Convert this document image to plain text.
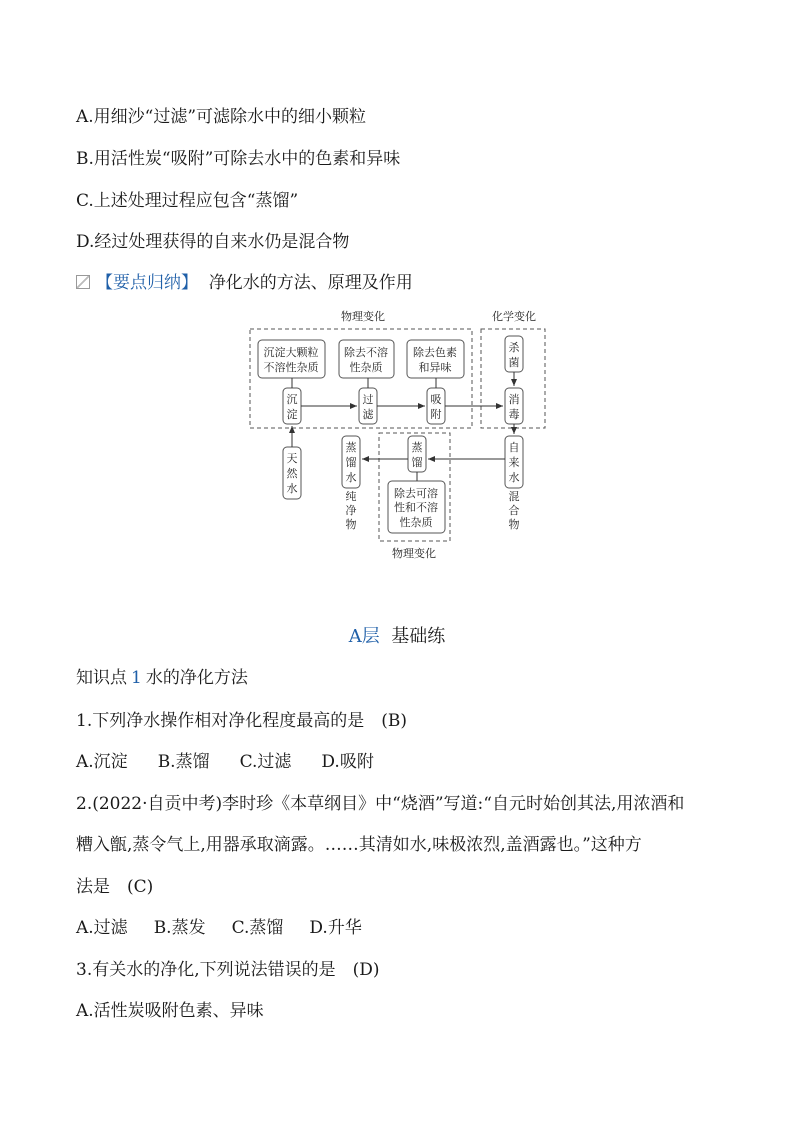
A.用细沙“过滤”可滤除水中的细小颗粒
B.用活性炭“吸附”可除去水中的色素和异味
C.上述处理过程应包含“蒸馏”
D.经过处理获得的自来水仍是混合物
【要点归纳】 净化水的方法、原理及作用
物理变化	化学变化
物理变化
沉淀大颗粒
不溶性杂质
除去不溶
性杂质
除去色素
和异味
除去可溶
性和不溶
性杂质
沉
淀
过
滤
吸
附
杀
菌
消
毒
自
来
水
蒸
馏
蒸
馏
水
天
然
水
纯
净
物
混
合
物
A层 基础练
知识点 1 水的净化方法
1.下列净水操作相对净化程度最高的是　(B)
A.沉淀 B.蒸馏 C.过滤 D.吸附
2.(2022·自贡中考)李时珍《本草纲目》中“烧酒”写道:“自元时始创其法,用浓酒和
糟入甑,蒸令气上,用器承取滴露。……其清如水,味极浓烈,盖酒露也。”这种方
法是　(C)
A.过滤 B.蒸发 C.蒸馏 D.升华
3.有关水的净化,下列说法错误的是　(D)
A.活性炭吸附色素、异味
